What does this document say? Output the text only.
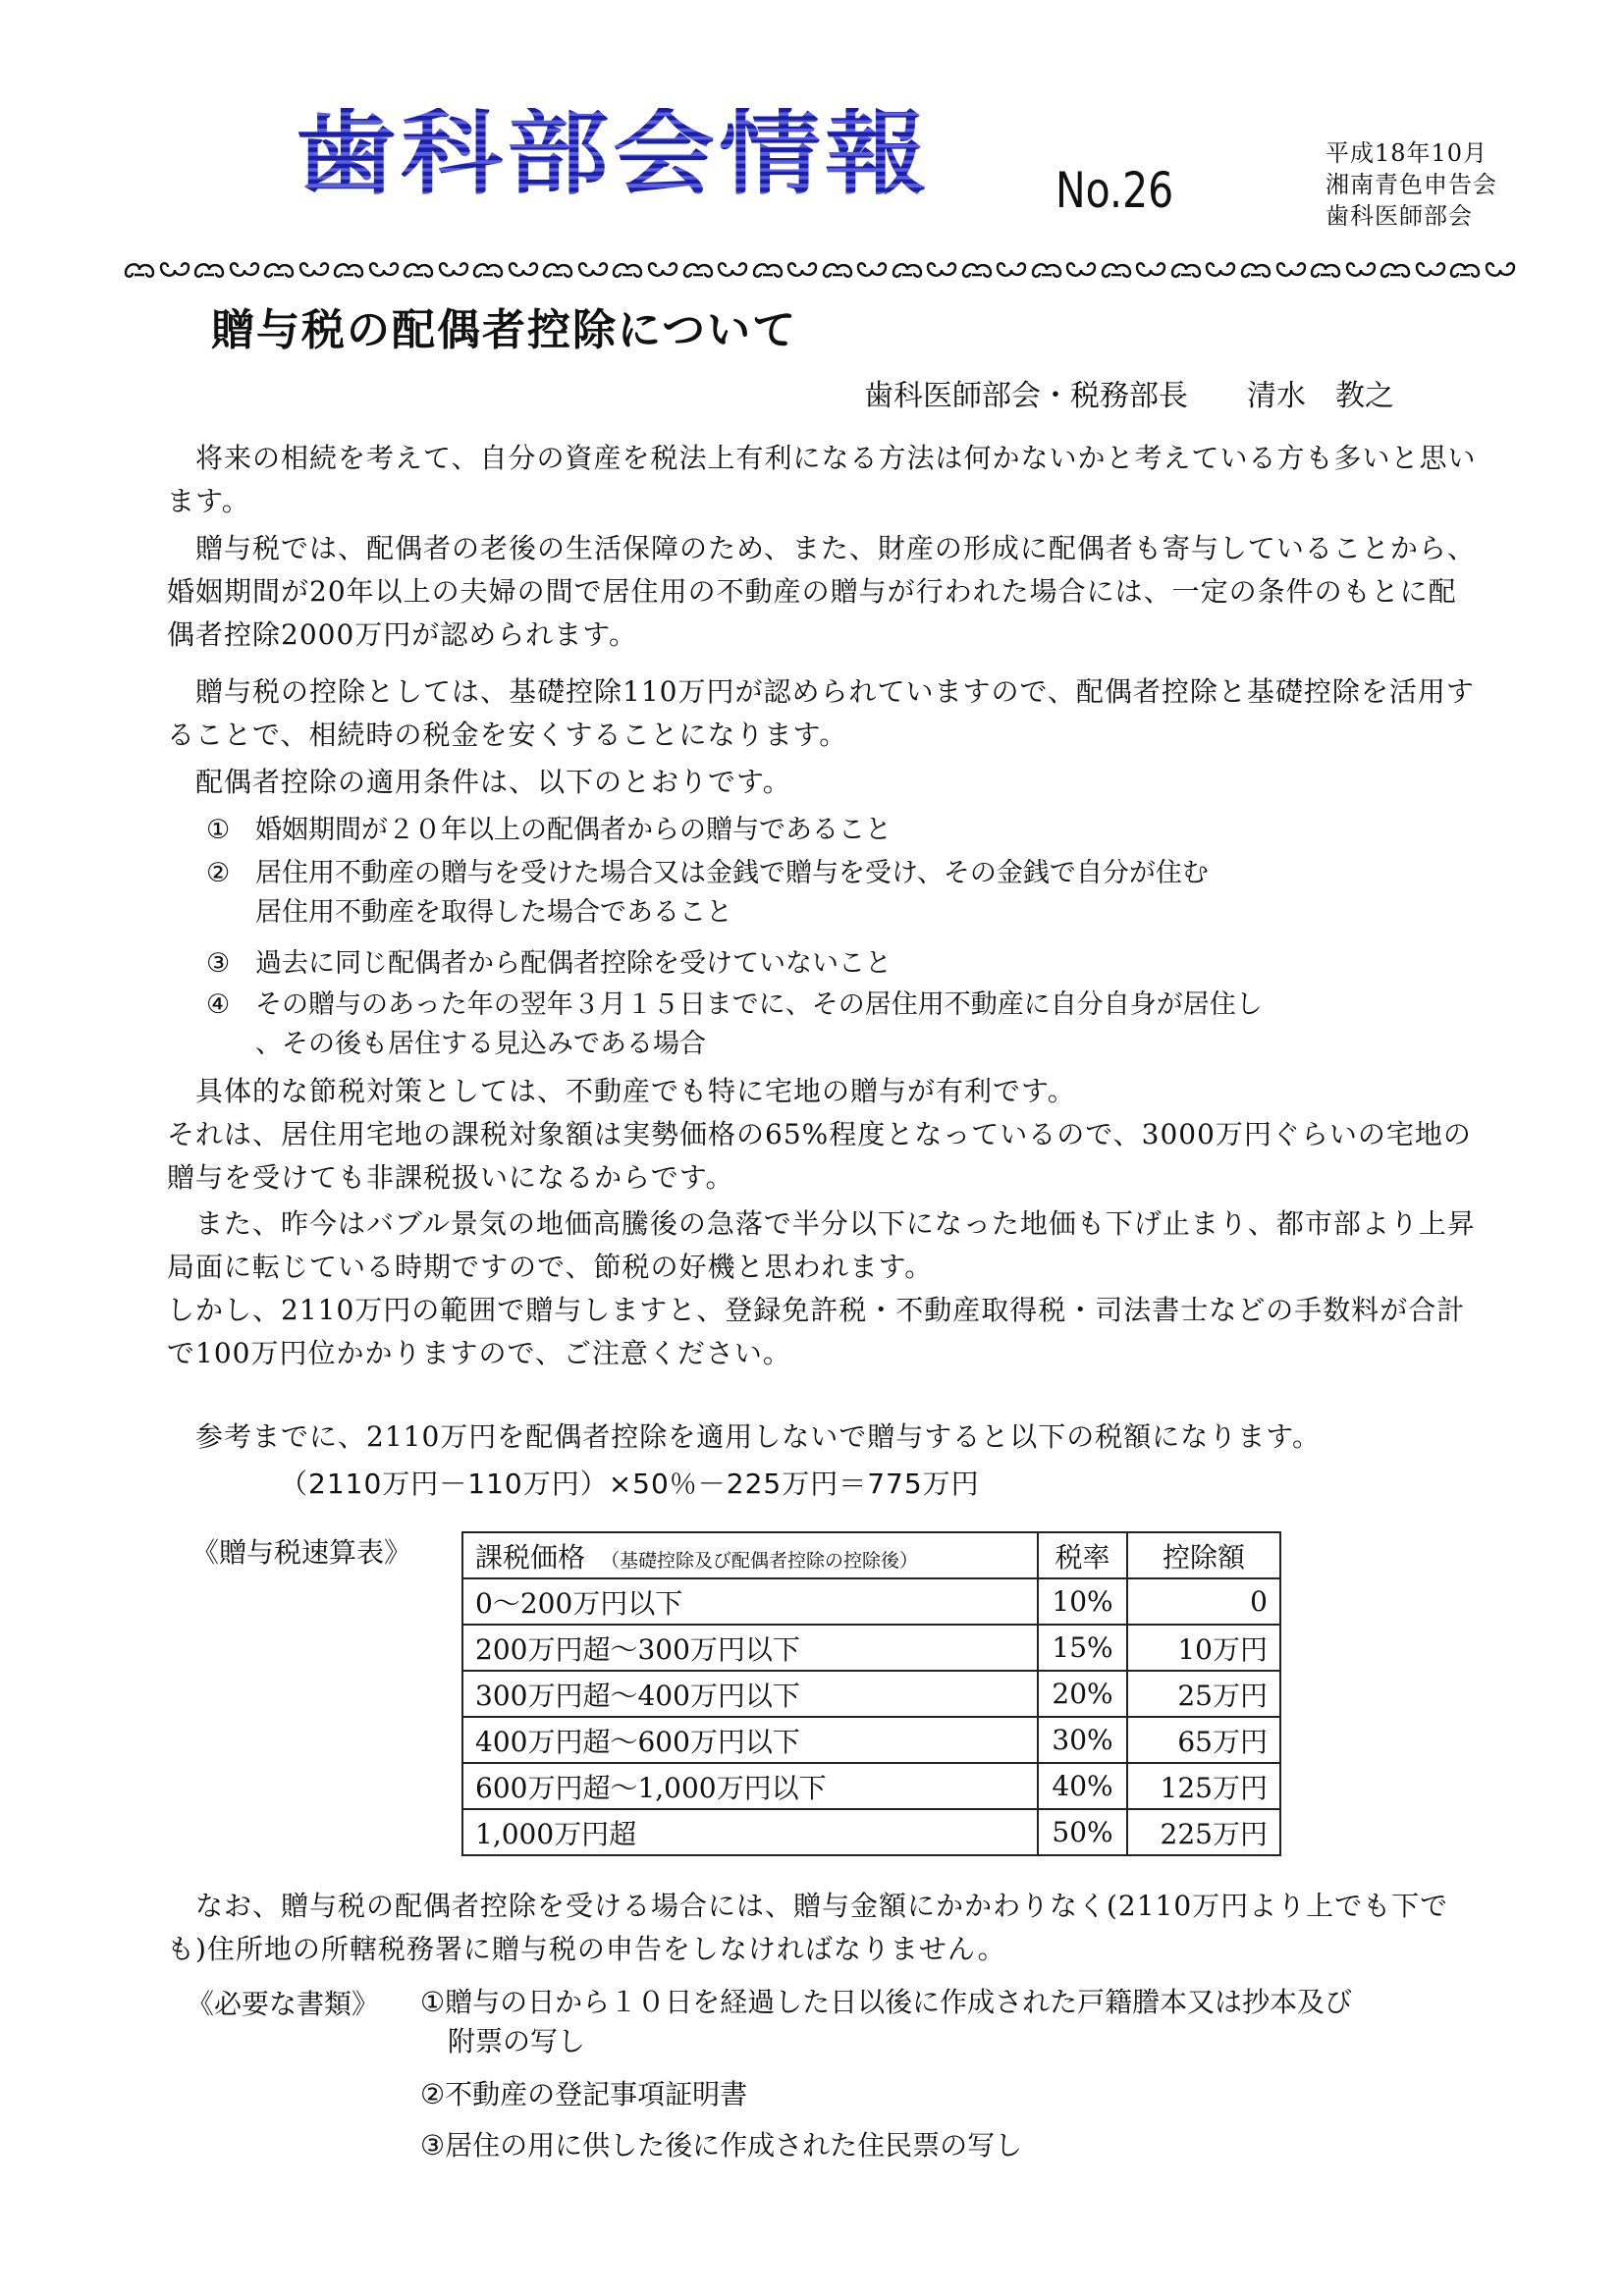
歯科部会情報	No.26
平成18年10月
湘南青色申告会
歯科医師部会
贈与税の配偶者控除について
歯科医師部会・税務部長　　清水　教之
　将来の相続を考えて、自分の資産を税法上有利になる方法は何かないかと考えている方も多いと思います。
　贈与税では、配偶者の老後の生活保障のため、また、財産の形成に配偶者も寄与していることから、婚姻期間が20年以上の夫婦の間で居住用の不動産の贈与が行われた場合には、一定の条件のもとに配偶者控除2000万円が認められます。
　贈与税の控除としては、基礎控除110万円が認められていますので、配偶者控除と基礎控除を活用することで、相続時の税金を安くすることになります。
　配偶者控除の適用条件は、以下のとおりです。
① 婚姻期間が２０年以上の配偶者からの贈与であること
② 居住用不動産の贈与を受けた場合又は金銭で贈与を受け、その金銭で自分が住む
居住用不動産を取得した場合であること
③ 過去に同じ配偶者から配偶者控除を受けていないこと
④ その贈与のあった年の翌年３月１５日までに、その居住用不動産に自分自身が居住し
、その後も居住する見込みである場合
　具体的な節税対策としては、不動産でも特に宅地の贈与が有利です。
それは、居住用宅地の課税対象額は実勢価格の65%程度となっているので、3000万円ぐらいの宅地の贈与を受けても非課税扱いになるからです。
　また、昨今はバブル景気の地価高騰後の急落で半分以下になった地価も下げ止まり、都市部より上昇局面に転じている時期ですので、節税の好機と思われます。
しかし、2110万円の範囲で贈与しますと、登録免許税・不動産取得税・司法書士などの手数料が合計で100万円位かかりますので、ご注意ください。
　参考までに、2110万円を配偶者控除を適用しないで贈与すると以下の税額になります。
（2110万円－110万円）×50％－225万円＝775万円
《贈与税速算表》 課税価格 （基礎控除及び配偶者控除の控除後）	税率	控除額
0～200万円以下	10%	0
200万円超～300万円以下	15%	10万円
300万円超～400万円以下	20%	25万円
400万円超～600万円以下	30%	65万円
600万円超～1,000万円以下	40%	125万円
1,000万円超	50%	225万円
　なお、贈与税の配偶者控除を受ける場合には、贈与金額にかかわりなく(2110万円より上でも下でも)住所地の所轄税務署に贈与税の申告をしなければなりません。
《必要な書類》 ①贈与の日から１０日を経過した日以後に作成された戸籍謄本又は抄本及び
附票の写し
②不動産の登記事項証明書
③居住の用に供した後に作成された住民票の写し
